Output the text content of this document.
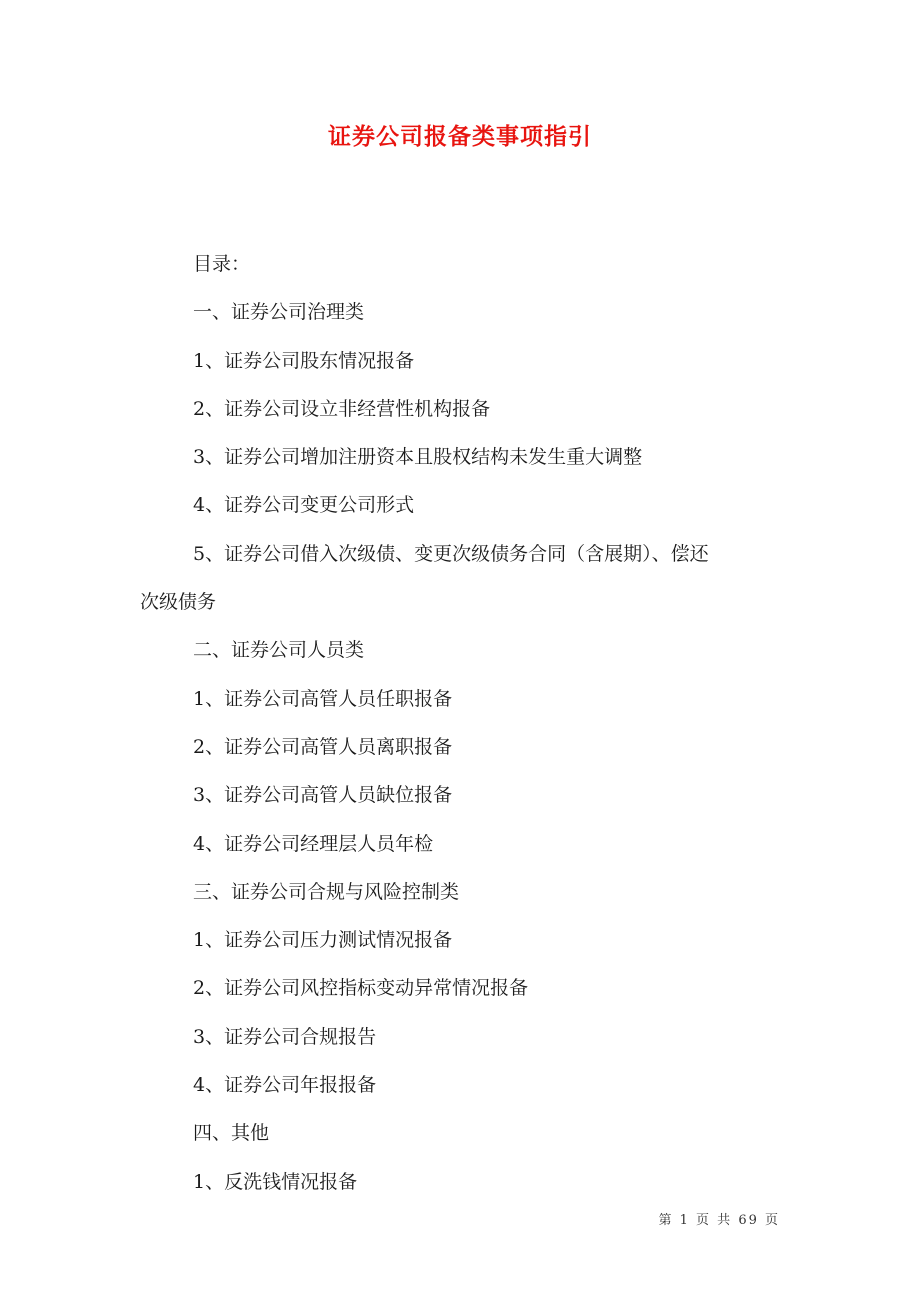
证券公司报备类事项指引
目录：
一、证券公司治理类
1、证券公司股东情况报备
2、证券公司设立非经营性机构报备
3、证券公司增加注册资本且股权结构未发生重大调整
4、证券公司变更公司形式
5、证券公司借入次级债、变更次级债务合同（含展期）、偿还
次级债务
二、证券公司人员类
1、证券公司高管人员任职报备
2、证券公司高管人员离职报备
3、证券公司高管人员缺位报备
4、证券公司经理层人员年检
三、证券公司合规与风险控制类
1、证券公司压力测试情况报备
2、证券公司风控指标变动异常情况报备
3、证券公司合规报告
4、证券公司年报报备
四、其他
1、反洗钱情况报备
第 1 页 共 69 页
